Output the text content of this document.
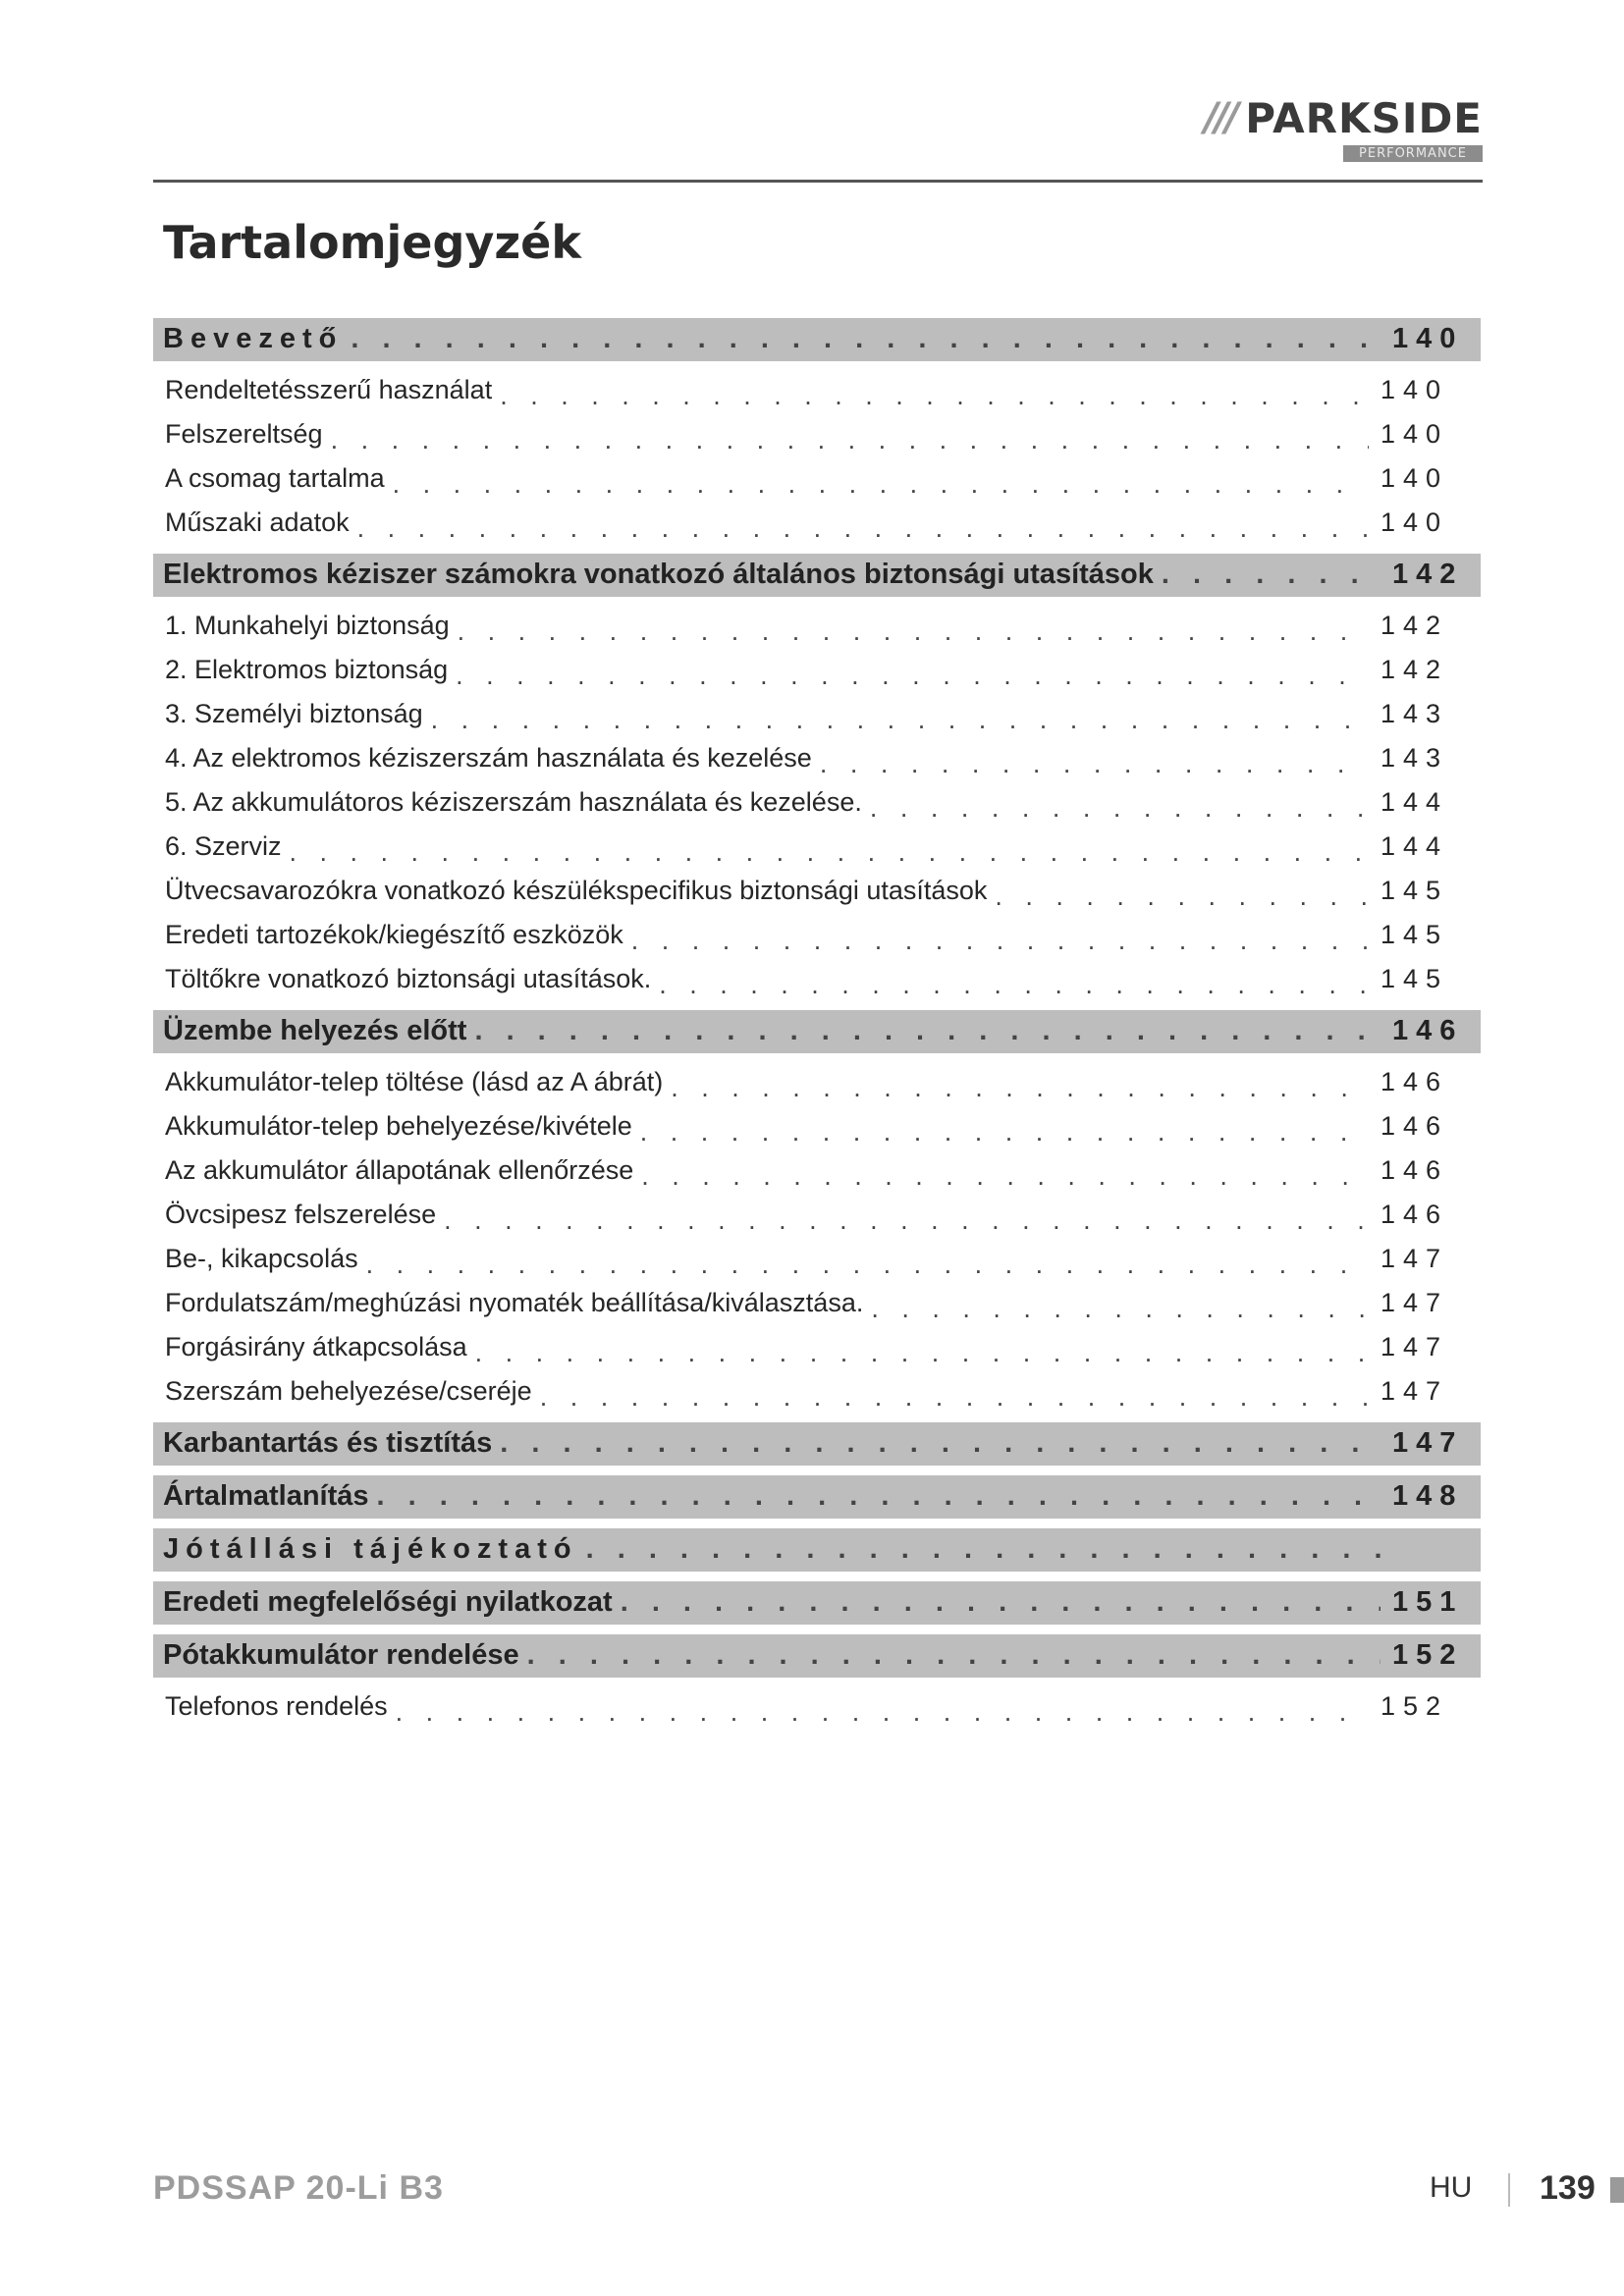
/// PARKSIDE
PERFORMANCE
Tartalomjegyzék
Bevezető . . .	140
Rendeltetésszerű használat . . .	140
Felszereltség . . .	140
A csomag tartalma . . .	140
Műszaki adatok . . .	140
Elektromos kéziszer számokra vonatkozó általános biztonsági utasítások . . .	142
1. Munkahelyi biztonság . . .	142
2. Elektromos biztonság . . .	142
3. Személyi biztonság . . .	143
4. Az elektromos kéziszerszám használata és kezelése . . .	143
5. Az akkumulátoros kéziszerszám használata és kezelése. . . .	144
6. Szerviz . . .	144
Ütvecsavarozókra vonatkozó készülékspecifikus biztonsági utasítások . . .	145
Eredeti tartozékok/kiegészítő eszközök . . .	145
Töltőkre vonatkozó biztonsági utasítások. . . .	145
Üzembe helyezés előtt . . .	146
Akkumulátor-telep töltése (lásd az A ábrát) . . .	146
Akkumulátor-telep behelyezése/kivétele . . .	146
Az akkumulátor állapotának ellenőrzése . . .	146
Övcsipesz felszerelése . . .	146
Be-, kikapcsolás . . .	147
Fordulatszám/meghúzási nyomaték beállítása/kiválasztása. . . .	147
Forgásirány átkapcsolása . . .	147
Szerszám behelyezése/cseréje . . .	147
Karbantartás és tisztítás . . .	147
Ártalmatlanítás . . .	148
Jótállási tájékoztató
. . .
Eredeti megfelelőségi nyilatkozat . . .	151
Pótakkumulátor rendelése . . .	152
Telefonos rendelés . . .	152
PDSSAP 20-Li B3	HU 139
